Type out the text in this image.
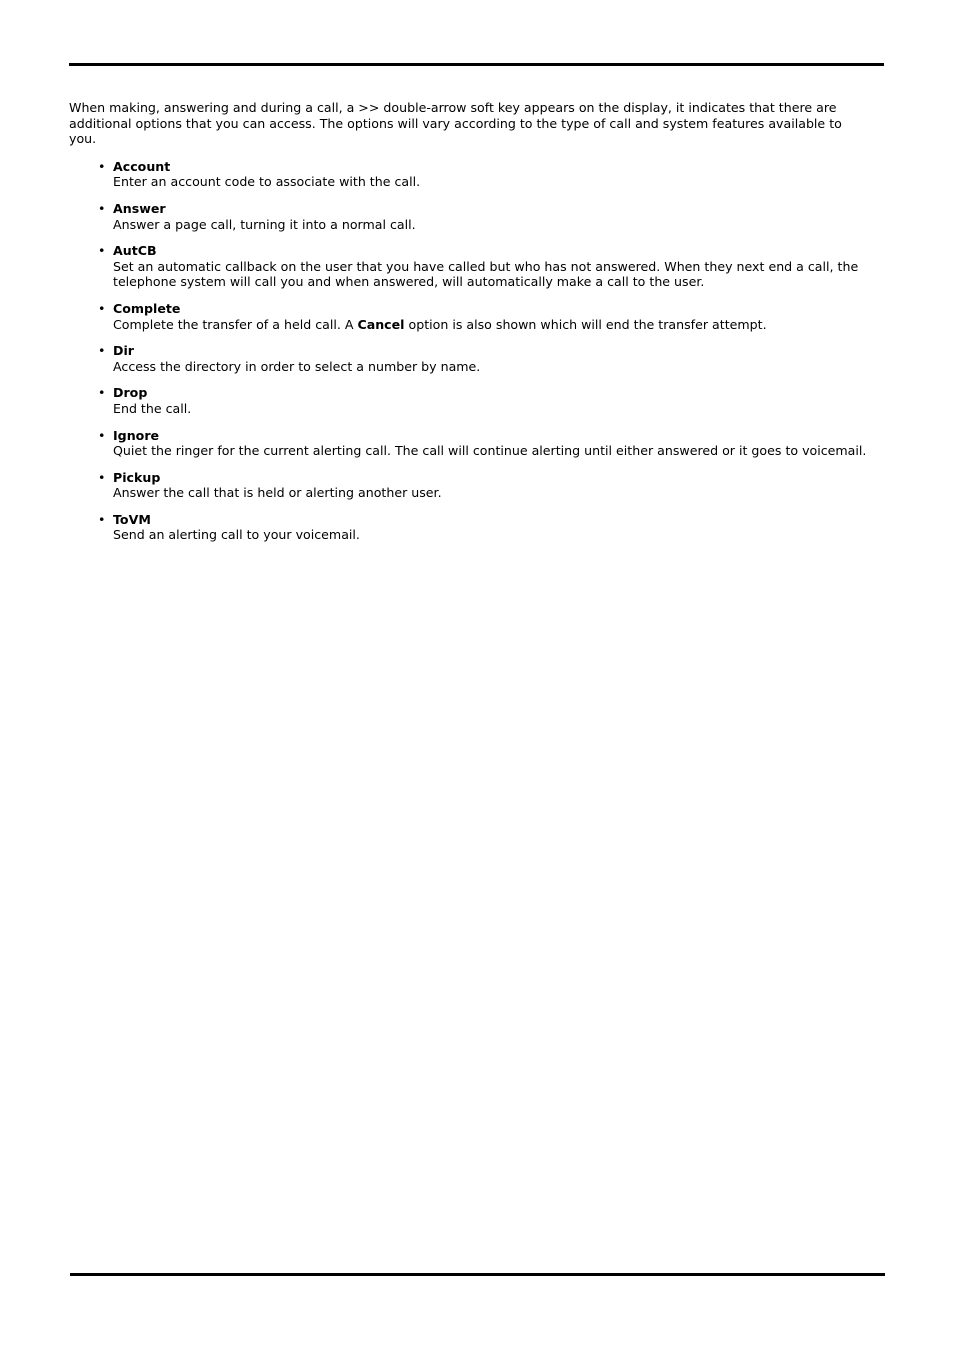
When making, answering and during a call, a >> double-arrow soft key appears on the display, it indicates that there are additional options that you can access. The options will vary according to the type of call and system features available to you.

• Account
Enter an account code to associate with the call.
• Answer
Answer a page call, turning it into a normal call.
• AutCB
Set an automatic callback on the user that you have called but who has not answered. When they next end a call, the telephone system will call you and when answered, will automatically make a call to the user.
• Complete
Complete the transfer of a held call. A Cancel option is also shown which will end the transfer attempt.
• Dir
Access the directory in order to select a number by name.
• Drop
End the call.
• Ignore
Quiet the ringer for the current alerting call. The call will continue alerting until either answered or it goes to voicemail.
• Pickup
Answer the call that is held or alerting another user.
• ToVM
Send an alerting call to your voicemail.
